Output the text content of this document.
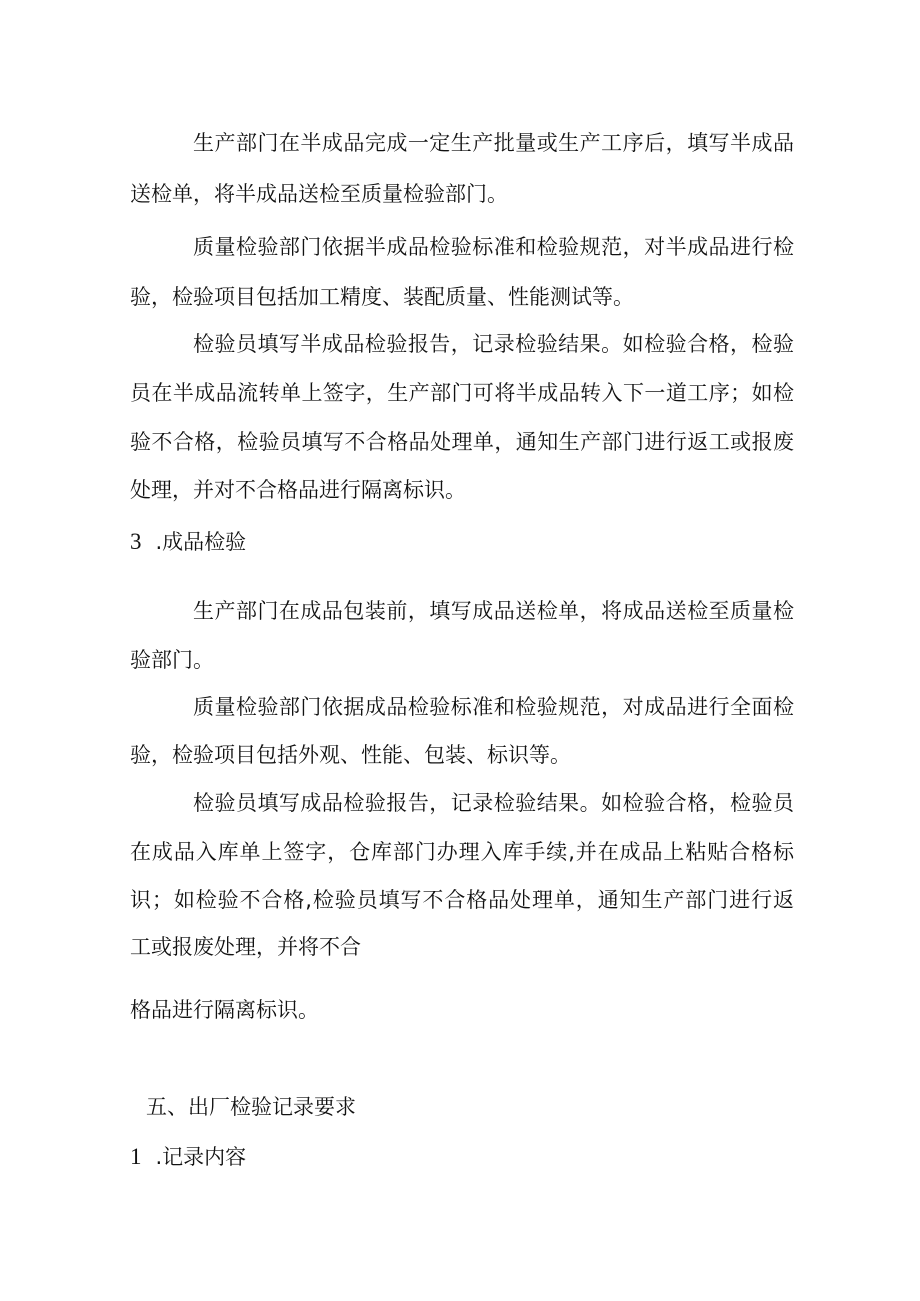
生产部门在半成品完成一定生产批量或生产工序后，填写半成品
送检单，将半成品送检至质量检验部门。
质量检验部门依据半成品检验标准和检验规范，对半成品进行检
验，检验项目包括加工精度、装配质量、性能测试等。
检验员填写半成品检验报告，记录检验结果。如检验合格，检验
员在半成品流转单上签字，生产部门可将半成品转入下一道工序；如检
验不合格，检验员填写不合格品处理单，通知生产部门进行返工或报废
处理，并对不合格品进行隔离标识。
3 .成品检验
生产部门在成品包装前，填写成品送检单，将成品送检至质量检
验部门。
质量检验部门依据成品检验标准和检验规范，对成品进行全面检
验，检验项目包括外观、性能、包装、标识等。
检验员填写成品检验报告，记录检验结果。如检验合格，检验员
在成品入库单上签字，仓库部门办理入库手续,并在成品上粘贴合格标
识；如检验不合格,检验员填写不合格品处理单，通知生产部门进行返
工或报废处理，并将不合
格品进行隔离标识。
五、出厂检验记录要求
1 .记录内容
